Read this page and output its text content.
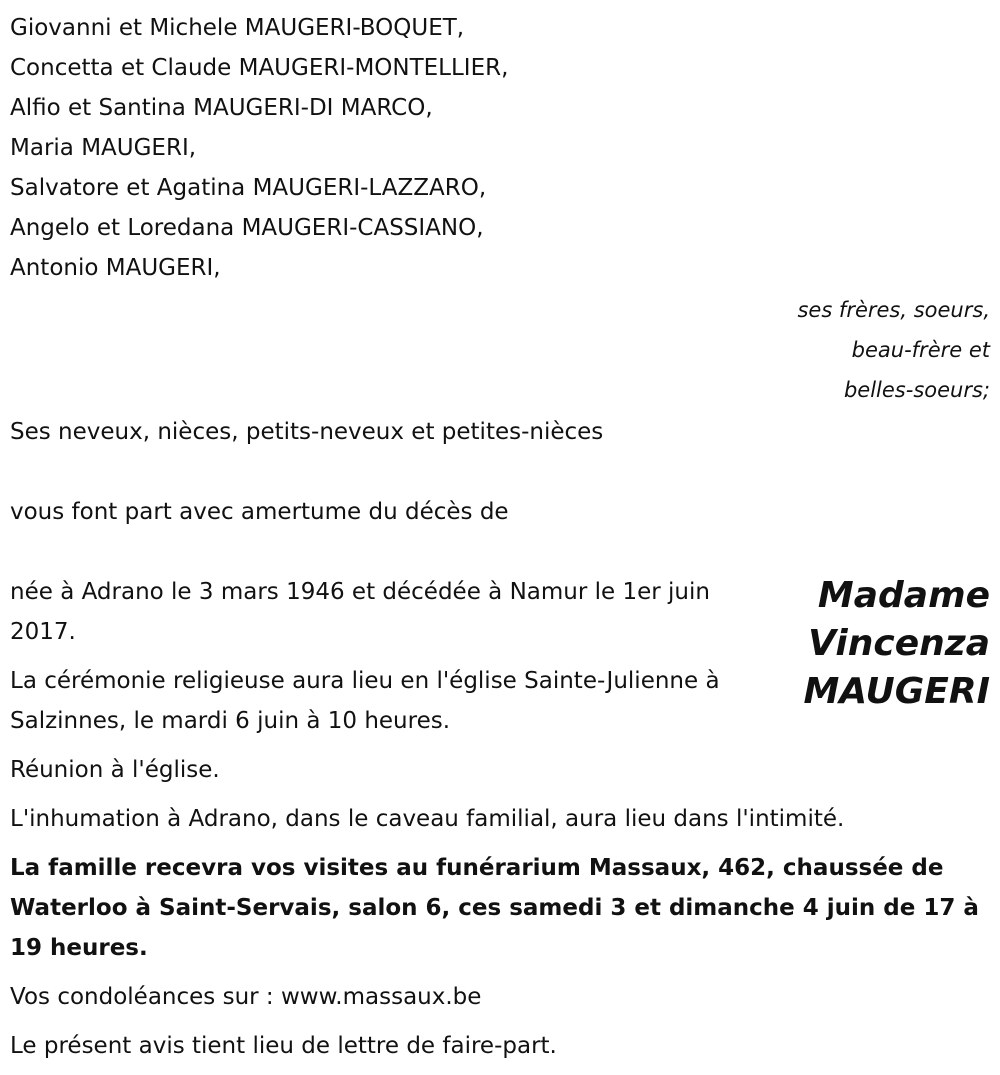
Giovanni et Michele MAUGERI-BOQUET,
Concetta et Claude MAUGERI-MONTELLIER,
Alfio et Santina MAUGERI-DI MARCO,
Maria MAUGERI,
Salvatore et Agatina MAUGERI-LAZZARO,
Angelo et Loredana MAUGERI-CASSIANO,
Antonio MAUGERI,
ses frères, soeurs,
beau-frère et
belles-soeurs;
Ses neveux, nièces, petits-neveux et petites-nièces
vous font part avec amertume du décès de
Madame
Vincenza
MAUGERI
née à Adrano le 3 mars 1946 et décédée à Namur le 1er juin 2017.
La cérémonie religieuse aura lieu en l'église Sainte-Julienne à Salzinnes, le mardi 6 juin à 10 heures.
Réunion à l'église.
L'inhumation à Adrano, dans le caveau familial, aura lieu dans l'intimité.
La famille recevra vos visites au funérarium Massaux, 462, chaussée de Waterloo à Saint-Servais, salon 6, ces samedi 3 et dimanche 4 juin de 17 à 19 heures.
Vos condoléances sur : www.massaux.be
Le présent avis tient lieu de lettre de faire-part.
